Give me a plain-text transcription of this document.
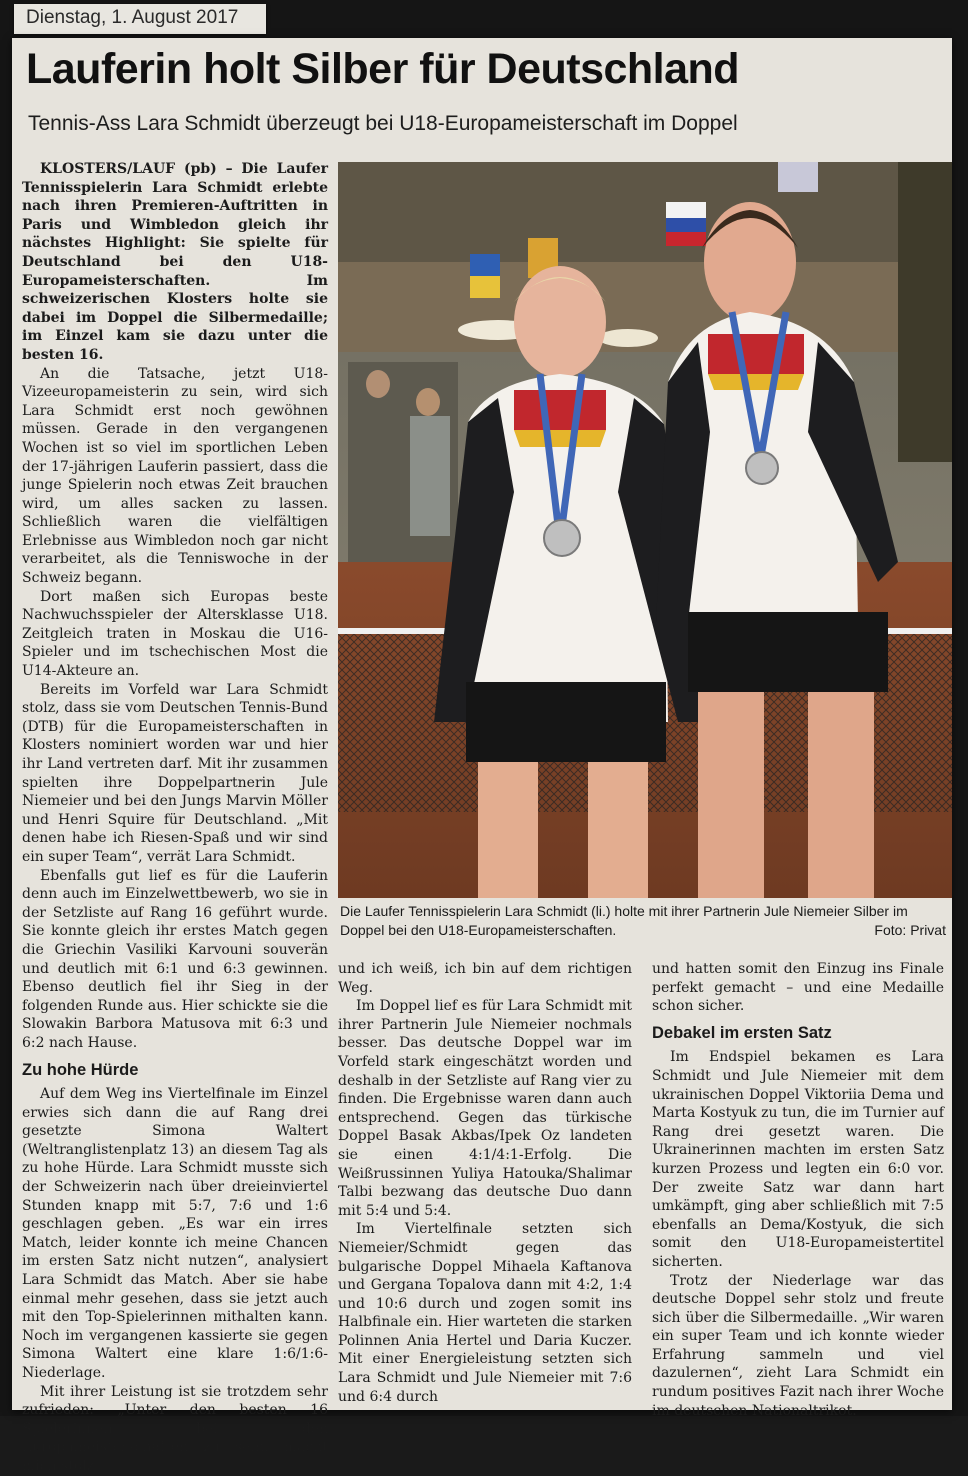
Dienstag, 1. August 2017
Lauferin holt Silber für Deutschland
Tennis-Ass Lara Schmidt überzeugt bei U18-Europameisterschaft im Doppel

KLOSTERS/LAUF (pb) – Die Laufer Tennisspielerin Lara Schmidt erlebte nach ihren Premieren-Auftritten in Paris und Wimbledon gleich ihr nächstes Highlight: Sie spielte für Deutschland bei den U18-Europameisterschaften. Im schweizerischen Klosters holte sie dabei im Doppel die Silbermedaille; im Einzel kam sie dazu unter die besten 16.

An die Tatsache, jetzt U18-Vizeeuropameisterin zu sein, wird sich Lara Schmidt erst noch gewöhnen müssen. Gerade in den vergangenen Wochen ist so viel im sportlichen Leben der 17-jährigen Lauferin passiert, dass die junge Spielerin noch etwas Zeit brauchen wird, um alles sacken zu lassen. Schließlich waren die vielfältigen Erlebnisse aus Wimbledon noch gar nicht verarbeitet, als die Tenniswoche in der Schweiz begann.

Dort maßen sich Europas beste Nachwuchsspieler der Altersklasse U18. Zeitgleich traten in Moskau die U16-Spieler und im tschechischen Most die U14-Akteure an.

Bereits im Vorfeld war Lara Schmidt stolz, dass sie vom Deutschen Tennis-Bund (DTB) für die Europameisterschaften in Klosters nominiert worden war und hier ihr Land vertreten darf. Mit ihr zusammen spielten ihre Doppelpartnerin Jule Niemeier und bei den Jungs Marvin Möller und Henri Squire für Deutschland. „Mit denen habe ich Riesen-Spaß und wir sind ein super Team“, verrät Lara Schmidt.

Ebenfalls gut lief es für die Lauferin denn auch im Einzelwettbewerb, wo sie in der Setzliste auf Rang 16 geführt wurde. Sie konnte gleich ihr erstes Match gegen die Griechin Vasiliki Karvouni souverän und deutlich mit 6:1 und 6:3 gewinnen. Ebenso deutlich fiel ihr Sieg in der folgenden Runde aus. Hier schickte sie die Slowakin Barbora Matusova mit 6:3 und 6:2 nach Hause.

Zu hohe Hürde

Auf dem Weg ins Viertelfinale im Einzel erwies sich dann die auf Rang drei gesetzte Simona Waltert (Weltranglistenplatz 13) an diesem Tag als zu hohe Hürde. Lara Schmidt musste sich der Schweizerin nach über dreieinviertel Stunden knapp mit 5:7, 7:6 und 1:6 geschlagen geben. „Es war ein irres Match, leider konnte ich meine Chancen im ersten Satz nicht nutzen“, analysiert Lara Schmidt das Match. Aber sie habe einmal mehr gesehen, dass sie jetzt auch mit den Top-Spielerinnen mithalten kann. Noch im vergangenen kassierte sie gegen Simona Waltert eine klare 1:6/1:6-Niederlage.

Mit ihrer Leistung ist sie trotzdem sehr zufrieden: „Unter den besten 16 Spielerinnen bei den Europameisterschaften zu sein, macht mich stolz –

Die Laufer Tennisspielerin Lara Schmidt (li.) holte mit ihrer Partnerin Jule Niemeier Silber im Doppel bei den U18-Europameisterschaften.	Foto: Privat

und ich weiß, ich bin auf dem richtigen Weg.

Im Doppel lief es für Lara Schmidt mit ihrer Partnerin Jule Niemeier nochmals besser. Das deutsche Doppel war im Vorfeld stark eingeschätzt worden und deshalb in der Setzliste auf Rang vier zu finden. Die Ergebnisse waren dann auch entsprechend. Gegen das türkische Doppel Basak Akbas/Ipek Oz landeten sie einen 4:1/4:1-Erfolg. Die Weißrussinnen Yuliya Hatouka/Shalimar Talbi bezwang das deutsche Duo dann mit 5:4 und 5:4.

Im Viertelfinale setzten sich Niemeier/Schmidt gegen das bulgarische Doppel Mihaela Kaftanova und Gergana Topalova dann mit 4:2, 1:4 und 10:6 durch und zogen somit ins Halbfinale ein. Hier warteten die starken Polinnen Ania Hertel und Daria Kuczer. Mit einer Energieleistung setzten sich Lara Schmidt und Jule Niemeier mit 7:6 und 6:4 durch

und hatten somit den Einzug ins Finale perfekt gemacht – und eine Medaille schon sicher.

Debakel im ersten Satz

Im Endspiel bekamen es Lara Schmidt und Jule Niemeier mit dem ukrainischen Doppel Viktoriia Dema und Marta Kostyuk zu tun, die im Turnier auf Rang drei gesetzt waren. Die Ukrainerinnen machten im ersten Satz kurzen Prozess und legten ein 6:0 vor. Der zweite Satz war dann hart umkämpft, ging aber schließlich mit 7:5 ebenfalls an Dema/Kostyuk, die sich somit den U18-Europameistertitel sicherten.

Trotz der Niederlage war das deutsche Doppel sehr stolz und freute sich über die Silbermedaille. „Wir waren ein super Team und ich konnte wieder Erfahrung sammeln und viel dazulernen“, zieht Lara Schmidt ein rundum positives Fazit nach ihrer Woche im deutschen Nationaltrikot.
